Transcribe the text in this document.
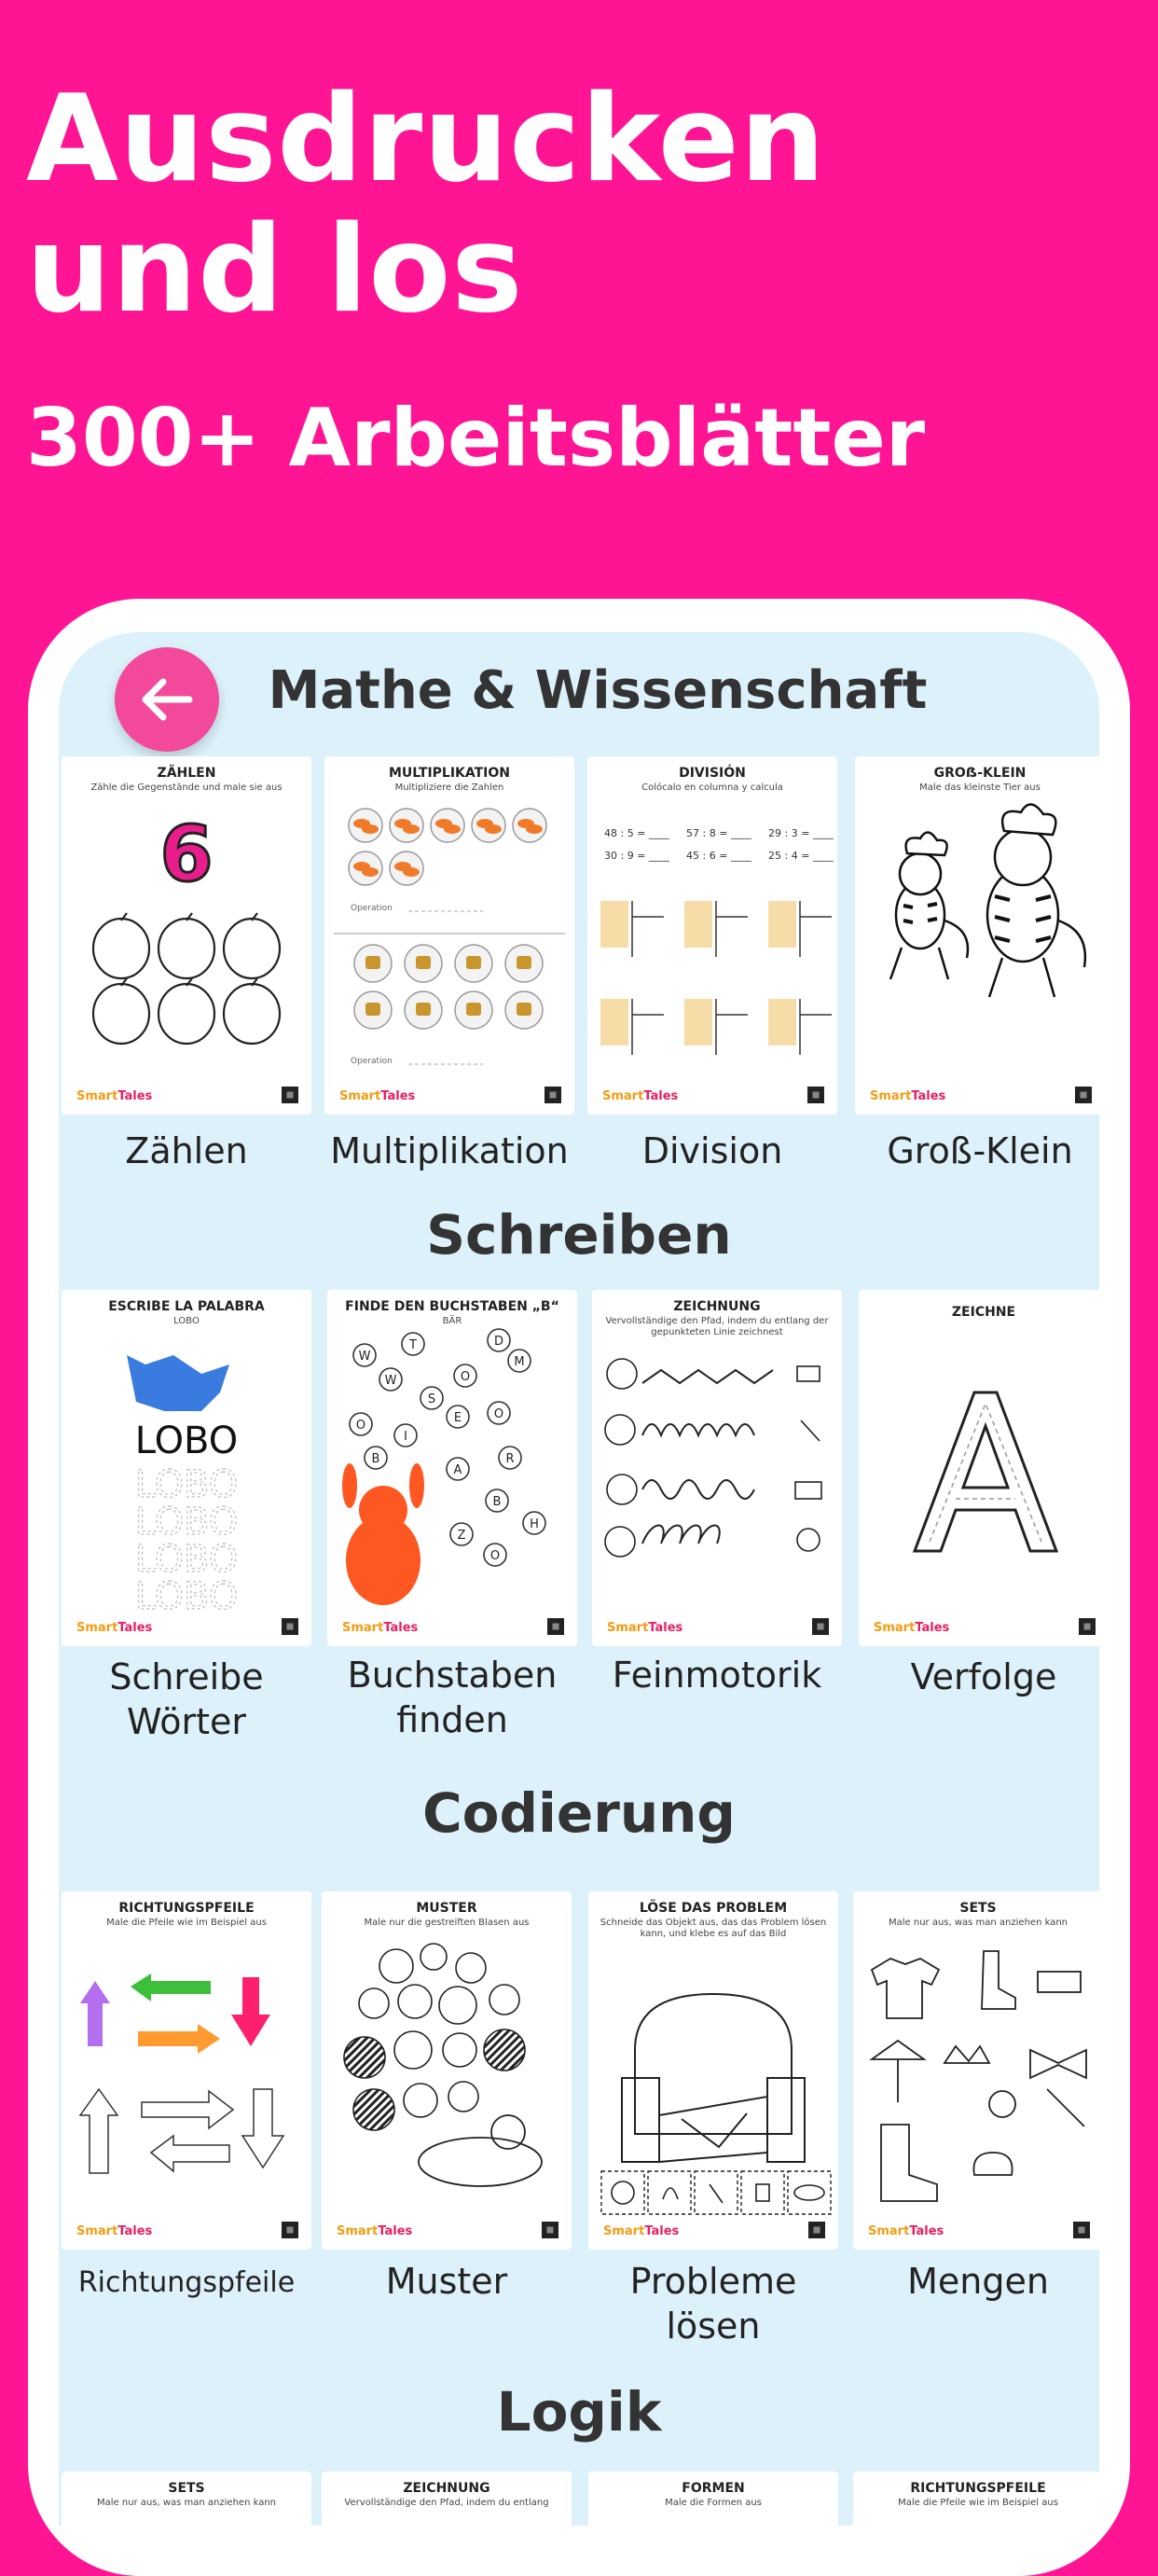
Ausdrucken
und los
300+ Arbeitsblätter
Mathe & Wissenschaft
ZÄHLEN
Zähle die Gegenstände und male sie aus
6
SmartTales
Zählen
MULTIPLIKATION
Multipliziere die Zahlen
Operation
Operation
SmartTales
Multiplikation
DIVISIÓN
Colócalo en columna y calcula
48 : 5 = ____ 57 : 8 = ____ 29 : 3 = ____
30 : 9 = ____ 45 : 6 = ____ 25 : 4 = ____
SmartTales
Division
GROẞ-KLEIN
Male das kleinste Tier aus
SmartTales
Groß-Klein
Schreiben
ESCRIBE LA PALABRA
LOBO
LOBO
LOBO
LOBO
LOBO
LOBO
SmartTales
Schreibe
Wörter
FINDE DEN BUCHSTABEN „B“
BÄR
W
T	D
W	O
M
S
O
I
O
E
A
R
B
H
Z
O
B
SmartTales
Buchstaben
finden
ZEICHNUNG
Vervollständige den Pfad, indem du entlang der gepunkteten Linie zeichnest
SmartTales
Feinmotorik
ZEICHNE
SmartTales
Verfolge
Codierung
RICHTUNGSPFEILE
Male die Pfeile wie im Beispiel aus
SmartTales
Richtungspfeile
MUSTER
Male nur die gestreiften Blasen aus
SmartTales
Muster
LÖSE DAS PROBLEM
Schneide das Objekt aus, das das Problem lösen kann, und klebe es auf das Bild
SmartTales
Probleme
lösen
SETS
Male nur aus, was man anziehen kann
SmartTales
Mengen
Logik
SETS
Male nur aus, was man anziehen kann
ZEICHNUNG
Vervollständige den Pfad, indem du entlang
FORMEN
Male die Formen aus
RICHTUNGSPFEILE
Male die Pfeile wie im Beispiel aus
